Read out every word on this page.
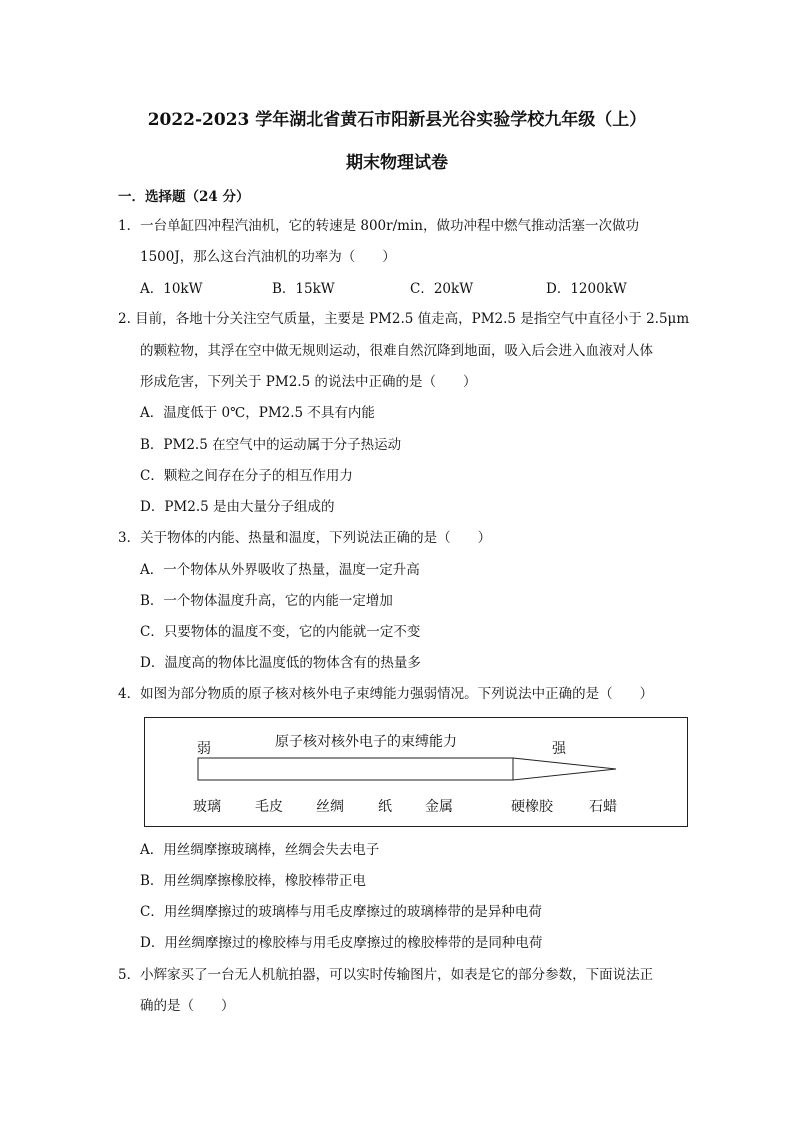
2022-2023 学年湖北省黄石市阳新县光谷实验学校九年级（上）
期末物理试卷
一．选择题（24 分）
1．一台单缸四冲程汽油机，它的转速是 800r/min，做功冲程中燃气推动活塞一次做功
1500J，那么这台汽油机的功率为（　　）
A．10kW	B．15kW	C．20kW	D．1200kW
2. 目前，各地十分关注空气质量，主要是 PM2.5 值走高，PM2.5 是指空气中直径小于 2.5μm
的颗粒物，其浮在空中做无规则运动，很难自然沉降到地面，吸入后会进入血液对人体
形成危害，下列关于 PM2.5 的说法中正确的是（　　）
A．温度低于 0℃，PM2.5 不具有内能
B．PM2.5 在空气中的运动属于分子热运动
C．颗粒之间存在分子的相互作用力
D．PM2.5 是由大量分子组成的
3．关于物体的内能、热量和温度，下列说法正确的是（　　）
A．一个物体从外界吸收了热量，温度一定升高
B．一个物体温度升高，它的内能一定增加
C．只要物体的温度不变，它的内能就一定不变
D．温度高的物体比温度低的物体含有的热量多
4．如图为部分物质的原子核对核外电子束缚能力强弱情况。下列说法中正确的是（　　）
弱	原子核对核外电子的束缚能力	强
玻璃 毛皮 丝绸 纸 金属	硬橡胶	石蜡
A．用丝绸摩擦玻璃棒，丝绸会失去电子
B．用丝绸摩擦橡胶棒，橡胶棒带正电
C．用丝绸摩擦过的玻璃棒与用毛皮摩擦过的玻璃棒带的是异种电荷
D．用丝绸摩擦过的橡胶棒与用毛皮摩擦过的橡胶棒带的是同种电荷
5．小辉家买了一台无人机航拍器，可以实时传输图片，如表是它的部分参数，下面说法正
确的是（　　）
